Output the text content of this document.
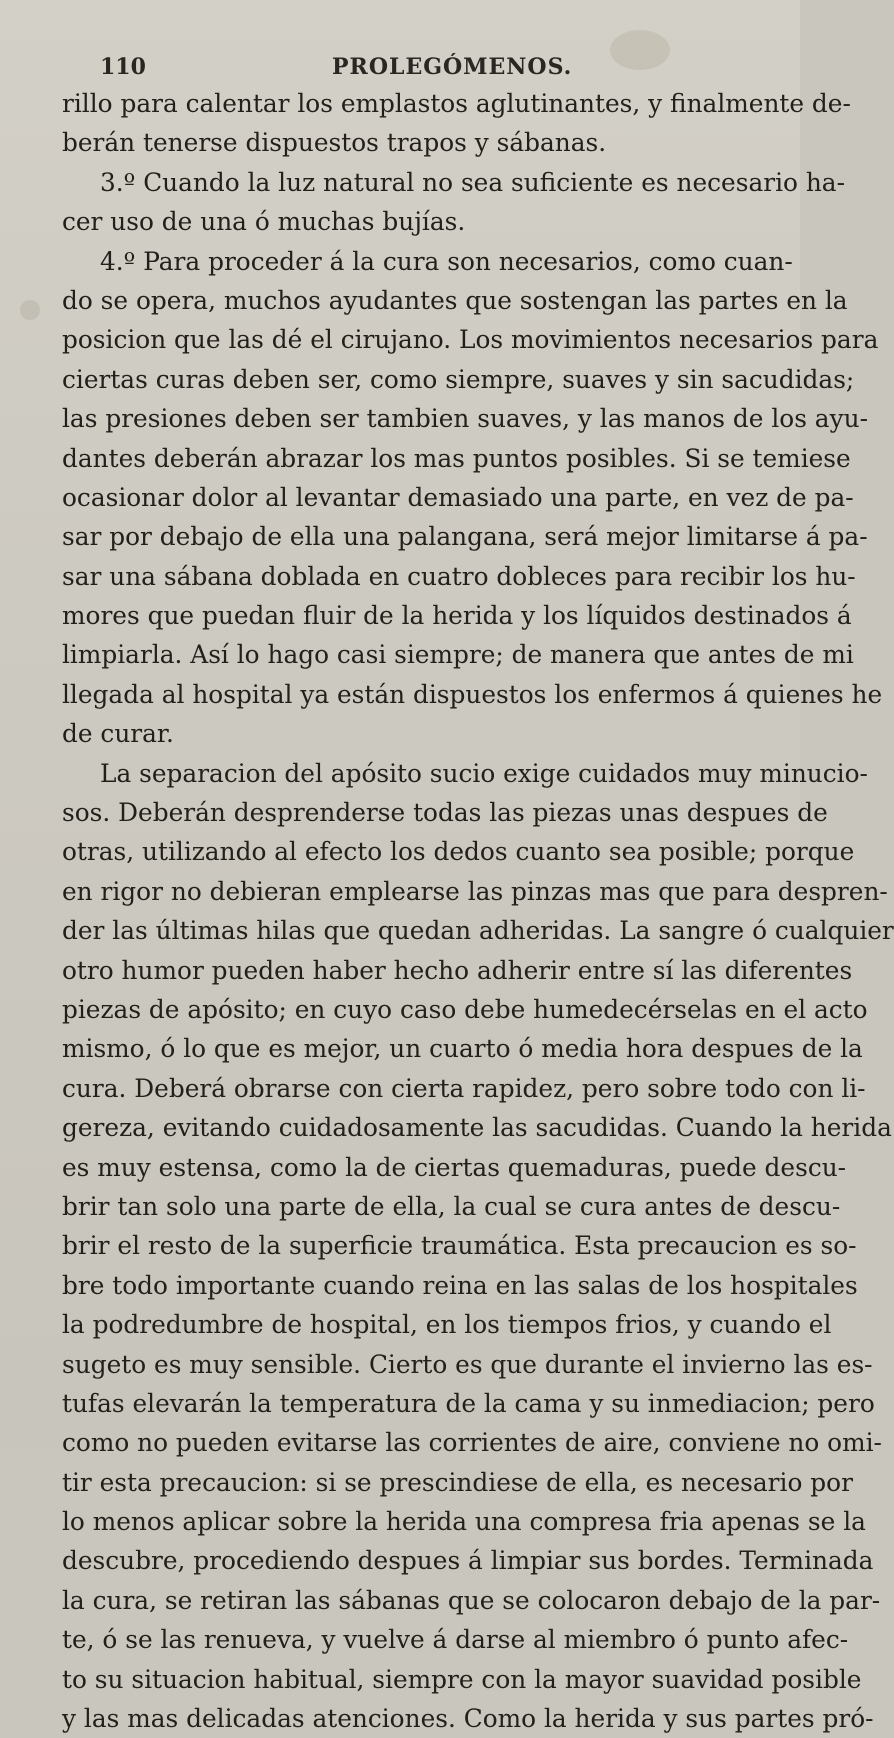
110	PROLEGÓMENOS.
rillo para calentar los emplastos aglutinantes, y finalmente de-
berán tenerse dispuestos trapos y sábanas.
3.º Cuando la luz natural no sea suficiente es necesario ha-
cer uso de una ó muchas bujías.
4.º Para proceder á la cura son necesarios, como cuan-
do se opera, muchos ayudantes que sostengan las partes en la
posicion que las dé el cirujano. Los movimientos necesarios para
ciertas curas deben ser, como siempre, suaves y sin sacudidas;
las presiones deben ser tambien suaves, y las manos de los ayu-
dantes deberán abrazar los mas puntos posibles. Si se temiese
ocasionar dolor al levantar demasiado una parte, en vez de pa-
sar por debajo de ella una palangana, será mejor limitarse á pa-
sar una sábana doblada en cuatro dobleces para recibir los hu-
mores que puedan fluir de la herida y los líquidos destinados á
limpiarla. Así lo hago casi siempre; de manera que antes de mi
llegada al hospital ya están dispuestos los enfermos á quienes he
de curar.
La separacion del apósito sucio exige cuidados muy minucio-
sos. Deberán desprenderse todas las piezas unas despues de
otras, utilizando al efecto los dedos cuanto sea posible; porque
en rigor no debieran emplearse las pinzas mas que para despren-
der las últimas hilas que quedan adheridas. La sangre ó cualquier
otro humor pueden haber hecho adherir entre sí las diferentes
piezas de apósito; en cuyo caso debe humedecérselas en el acto
mismo, ó lo que es mejor, un cuarto ó media hora despues de la
cura. Deberá obrarse con cierta rapidez, pero sobre todo con li-
gereza, evitando cuidadosamente las sacudidas. Cuando la herida
es muy estensa, como la de ciertas quemaduras, puede descu-
brir tan solo una parte de ella, la cual se cura antes de descu-
brir el resto de la superficie traumática. Esta precaucion es so-
bre todo importante cuando reina en las salas de los hospitales
la podredumbre de hospital, en los tiempos frios, y cuando el
sugeto es muy sensible. Cierto es que durante el invierno las es-
tufas elevarán la temperatura de la cama y su inmediacion; pero
como no pueden evitarse las corrientes de aire, conviene no omi-
tir esta precaucion: si se prescindiese de ella, es necesario por
lo menos aplicar sobre la herida una compresa fria apenas se la
descubre, procediendo despues á limpiar sus bordes. Terminada
la cura, se retiran las sábanas que se colocaron debajo de la par-
te, ó se las renueva, y vuelve á darse al miembro ó punto afec-
to su situacion habitual, siempre con la mayor suavidad posible
y las mas delicadas atenciones. Como la herida y sus partes pró-
